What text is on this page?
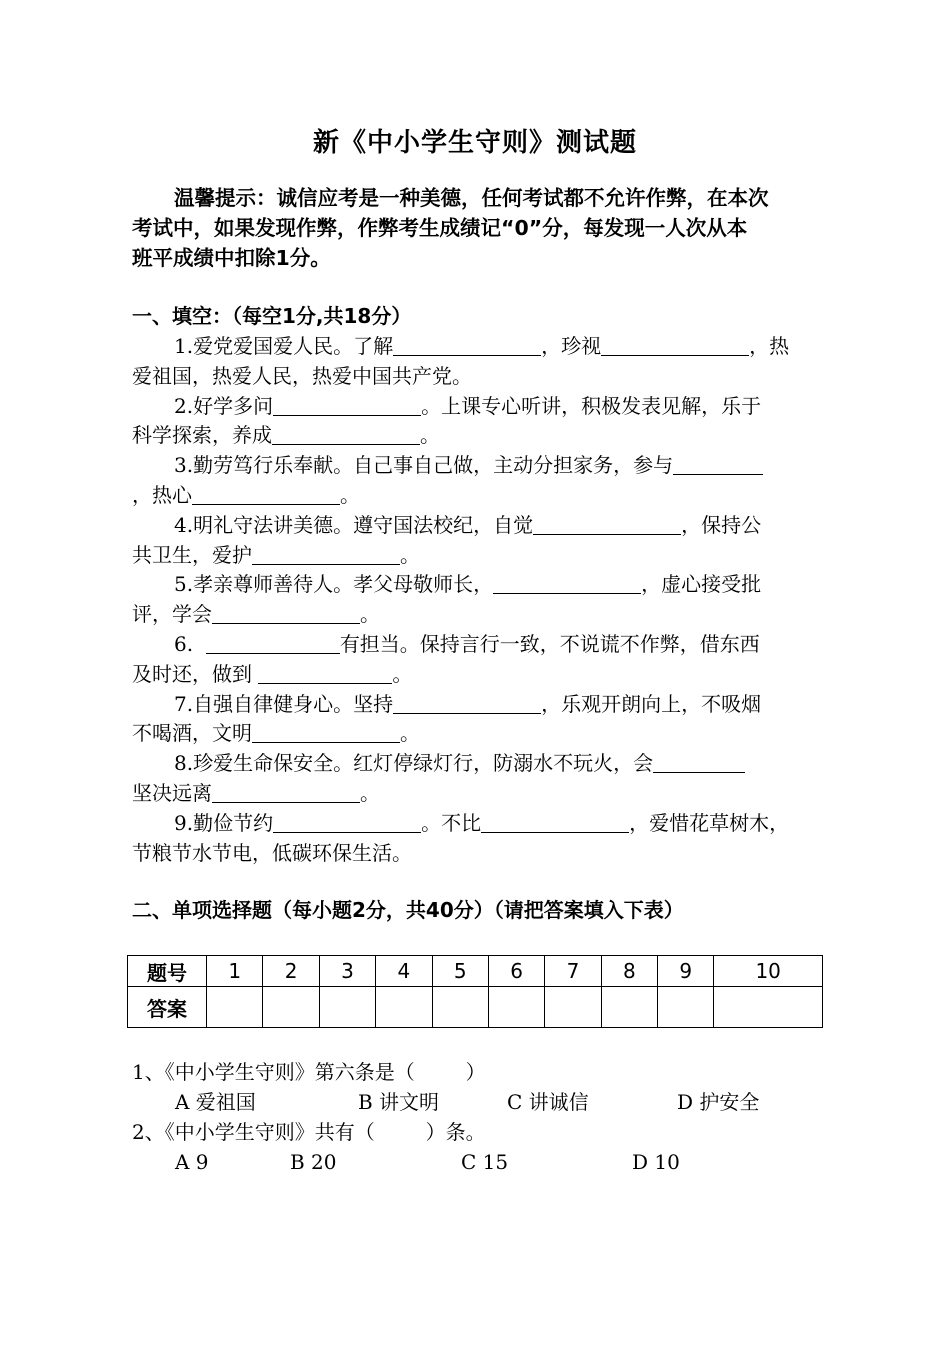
新《中小学生守则》测试题
温馨提示：诚信应考是一种美德，任何考试都不允许作弊，在本次
考试中，如果发现作弊，作弊考生成绩记“0”分，每发现一人次从本
班平成绩中扣除1分。
一、填空：（每空1分,共18分）
1.爱党爱国爱人民。了解	，珍视	，热
爱祖国，热爱人民，热爱中国共产党。
2.好学多问	。上课专心听讲，积极发表见解，乐于
科学探索，养成	。
3.勤劳笃行乐奉献。自己事自己做，主动分担家务，参与
，热心	。
4.明礼守法讲美德。遵守国法校纪，自觉	，保持公
共卫生，爱护	。
5.孝亲尊师善待人。孝父母敬师长，	，虚心接受批
评，学会	。
6.	有担当。保持言行一致，不说谎不作弊，借东西
及时还，做到	。
7.自强自律健身心。坚持	，乐观开朗向上，不吸烟
不喝酒，文明	。
8.珍爱生命保安全。红灯停绿灯行，防溺水不玩火，会
坚决远离	。
9.勤俭节约	。不比	，爱惜花草树木，
节粮节水节电，低碳环保生活。
二、单项选择题（每小题2分，共40分）（请把答案填入下表）
题号	1	2	3	4	5	6	7	8	9	10
答案										
1、《中小学生守则》第六条是（        ）
A 爱祖国	B 讲文明	C 讲诚信	D 护安全
2、《中小学生守则》共有（        ）条。
A 9	B 20	C 15	D 10
